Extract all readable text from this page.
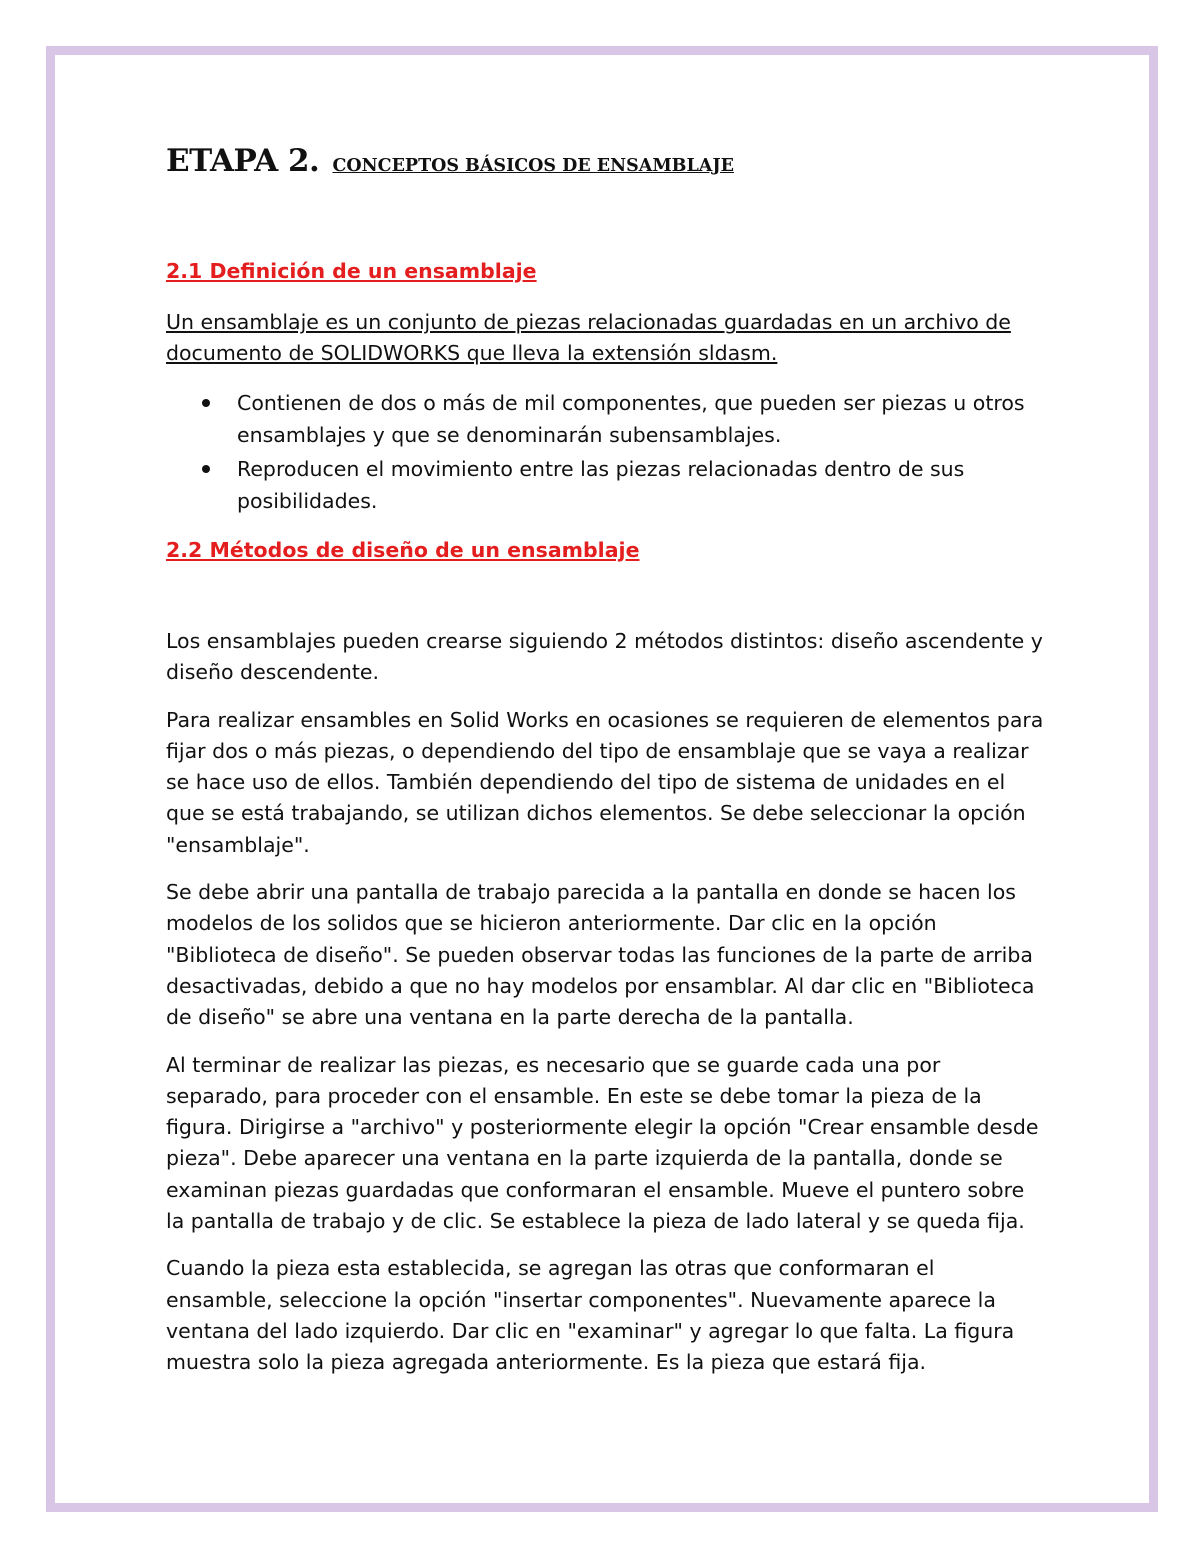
ETAPA 2. CONCEPTOS BÁSICOS DE ENSAMBLAJE
2.1 Definición de un ensamblaje

Un ensamblaje es un conjunto de piezas relacionadas guardadas en un archivo de documento de SOLIDWORKS que lleva la extensión sldasm.

Contienen de dos o más de mil componentes, que pueden ser piezas u otros ensamblajes y que se denominarán subensamblajes.
Reproducen el movimiento entre las piezas relacionadas dentro de sus posibilidades.
2.2 Métodos de diseño de un ensamblaje

Los ensamblajes pueden crearse siguiendo 2 métodos distintos: diseño ascendente y diseño descendente.

Para realizar ensambles en Solid Works en ocasiones se requieren de elementos para fijar dos o más piezas, o dependiendo del tipo de ensamblaje que se vaya a realizar se hace uso de ellos. También dependiendo del tipo de sistema de unidades en el que se está trabajando, se utilizan dichos elementos. Se debe seleccionar la opción "ensamblaje".

Se debe abrir una pantalla de trabajo parecida a la pantalla en donde se hacen los modelos de los solidos que se hicieron anteriormente. Dar clic en la opción "Biblioteca de diseño". Se pueden observar todas las funciones de la parte de arriba desactivadas, debido a que no hay modelos por ensamblar. Al dar clic en "Biblioteca de diseño" se abre una ventana en la parte derecha de la pantalla.

Al terminar de realizar las piezas, es necesario que se guarde cada una por separado, para proceder con el ensamble. En este se debe tomar la pieza de la figura. Dirigirse a "archivo" y posteriormente elegir la opción "Crear ensamble desde pieza". Debe aparecer una ventana en la parte izquierda de la pantalla, donde se examinan piezas guardadas que conformaran el ensamble. Mueve el puntero sobre la pantalla de trabajo y de clic. Se establece la pieza de lado lateral y se queda fija.

Cuando la pieza esta establecida, se agregan las otras que conformaran el ensamble, seleccione la opción "insertar componentes". Nuevamente aparece la ventana del lado izquierdo. Dar clic en "examinar" y agregar lo que falta. La figura muestra solo la pieza agregada anteriormente. Es la pieza que estará fija.
